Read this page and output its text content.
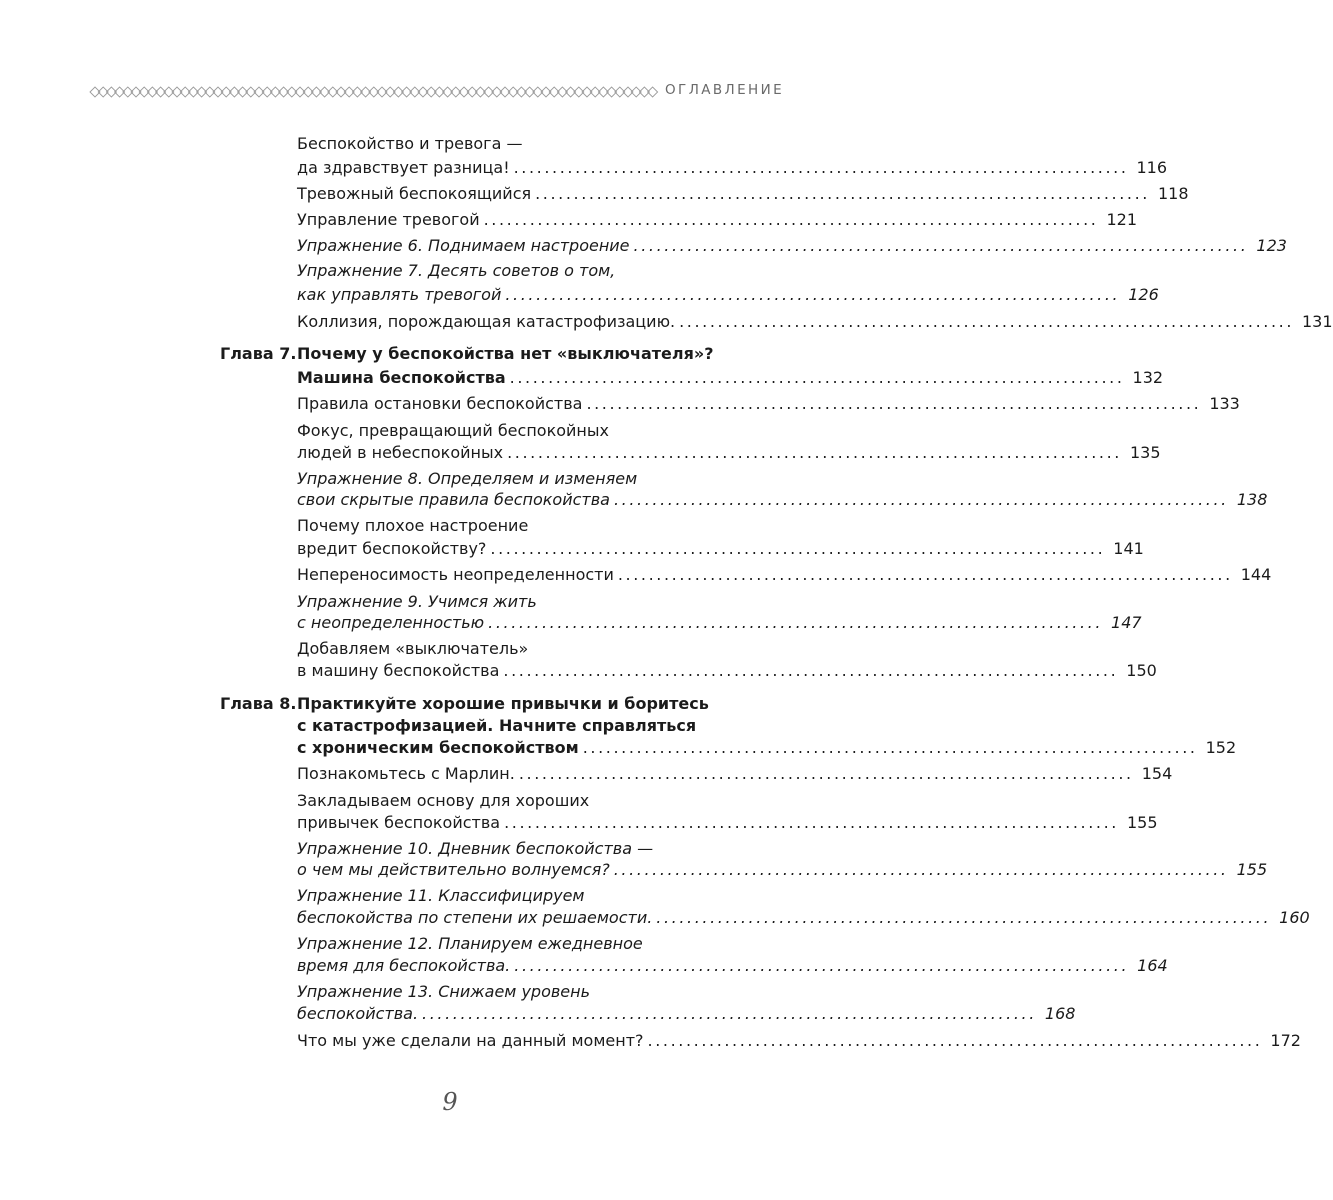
ОГЛАВЛЕНИЕ
Беспокойство и тревога —
да здравствует разница! ................................................................................ 116
Тревожный беспокоящийся ................................................................................ 118
Управление тревогой ................................................................................ 121
Упражнение 6. Поднимаем настроение ................................................................................ 123
Упражнение 7. Десять советов о том,
как управлять тревогой ................................................................................ 126
Коллизия, порождающая катастрофизацию. ................................................................................ 131
Глава 7. Почему у беспокойства нет «выключателя»?
Машина беспокойства ................................................................................ 132
Правила остановки беспокойства ................................................................................ 133
Фокус, превращающий беспокойных
людей в небеспокойных ................................................................................ 135
Упражнение 8. Определяем и изменяем
свои скрытые правила беспокойства ................................................................................ 138
Почему плохое настроение
вредит беспокойству? ................................................................................ 141
Непереносимость неопределенности ................................................................................ 144
Упражнение 9. Учимся жить
с неопределенностью ................................................................................ 147
Добавляем «выключатель»
в машину беспокойства ................................................................................ 150
Глава 8. Практикуйте хорошие привычки и боритесь
с катастрофизацией. Начните справляться
с хроническим беспокойством ................................................................................ 152
Познакомьтесь с Марлин. ................................................................................ 154
Закладываем основу для хороших
привычек беспокойства ................................................................................ 155
Упражнение 10. Дневник беспокойства —
о чем мы действительно волнуемся? ................................................................................ 155
Упражнение 11. Классифицируем
беспокойства по степени их решаемости. ................................................................................ 160
Упражнение 12. Планируем ежедневное
время для беспокойства. ................................................................................ 164
Упражнение 13. Снижаем уровень
беспокойства. ................................................................................ 168
Что мы уже сделали на данный момент? ................................................................................ 172
9
